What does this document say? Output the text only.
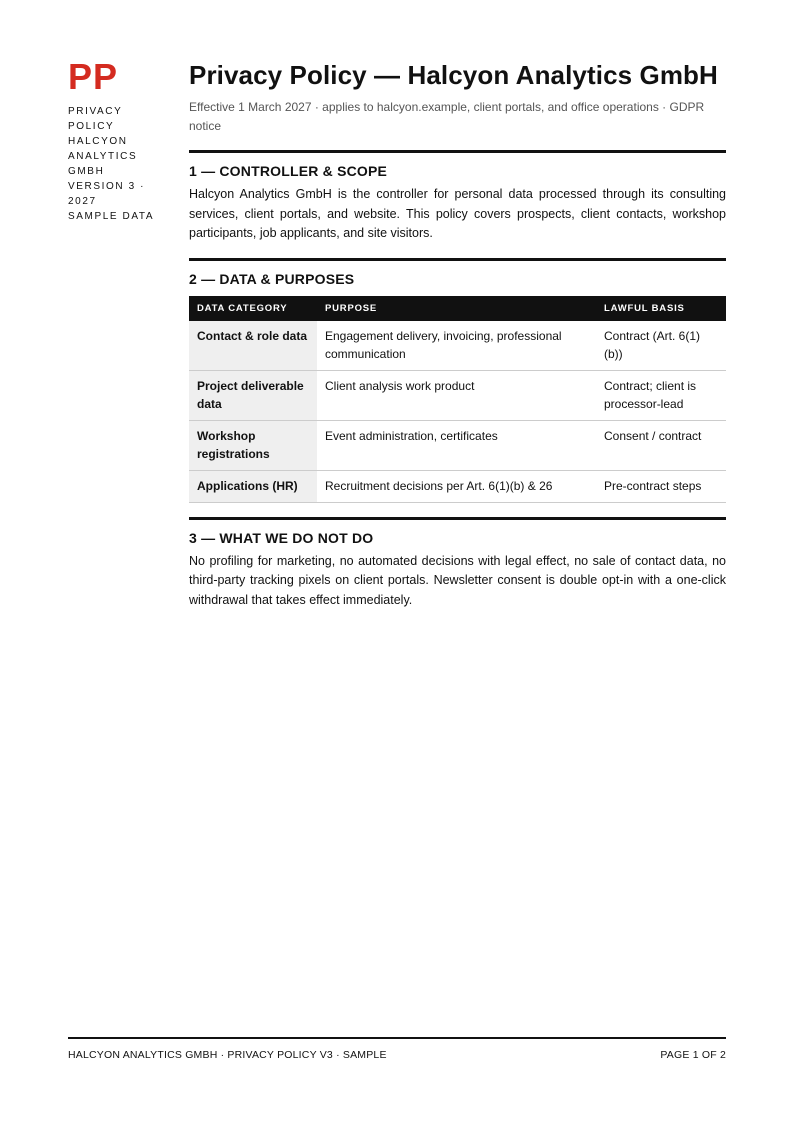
PP
PRIVACY
POLICY
HALCYON
ANALYTICS
GMBH
VERSION 3 ·
2027
SAMPLE DATA
Privacy Policy — Halcyon Analytics GmbH
Effective 1 March 2027 · applies to halcyon.example, client portals, and office operations · GDPR notice
1 — CONTROLLER & SCOPE
Halcyon Analytics GmbH is the controller for personal data processed through its consulting services, client portals, and website. This policy covers prospects, client contacts, workshop participants, job applicants, and site visitors.
2 — DATA & PURPOSES
DATA CATEGORY	PURPOSE	LAWFUL BASIS
Contact & role data	Engagement delivery, invoicing, professional communication	Contract (Art. 6(1)(b))
Project deliverable data	Client analysis work product	Contract; client is processor-lead
Workshop registrations	Event administration, certificates	Consent / contract
Applications (HR)	Recruitment decisions per Art. 6(1)(b) & 26	Pre-contract steps
3 — WHAT WE DO NOT DO
No profiling for marketing, no automated decisions with legal effect, no sale of contact data, no third-party tracking pixels on client portals. Newsletter consent is double opt-in with a one-click withdrawal that takes effect immediately.
HALCYON ANALYTICS GMBH · PRIVACY POLICY V3 · SAMPLE	PAGE 1 OF 2
